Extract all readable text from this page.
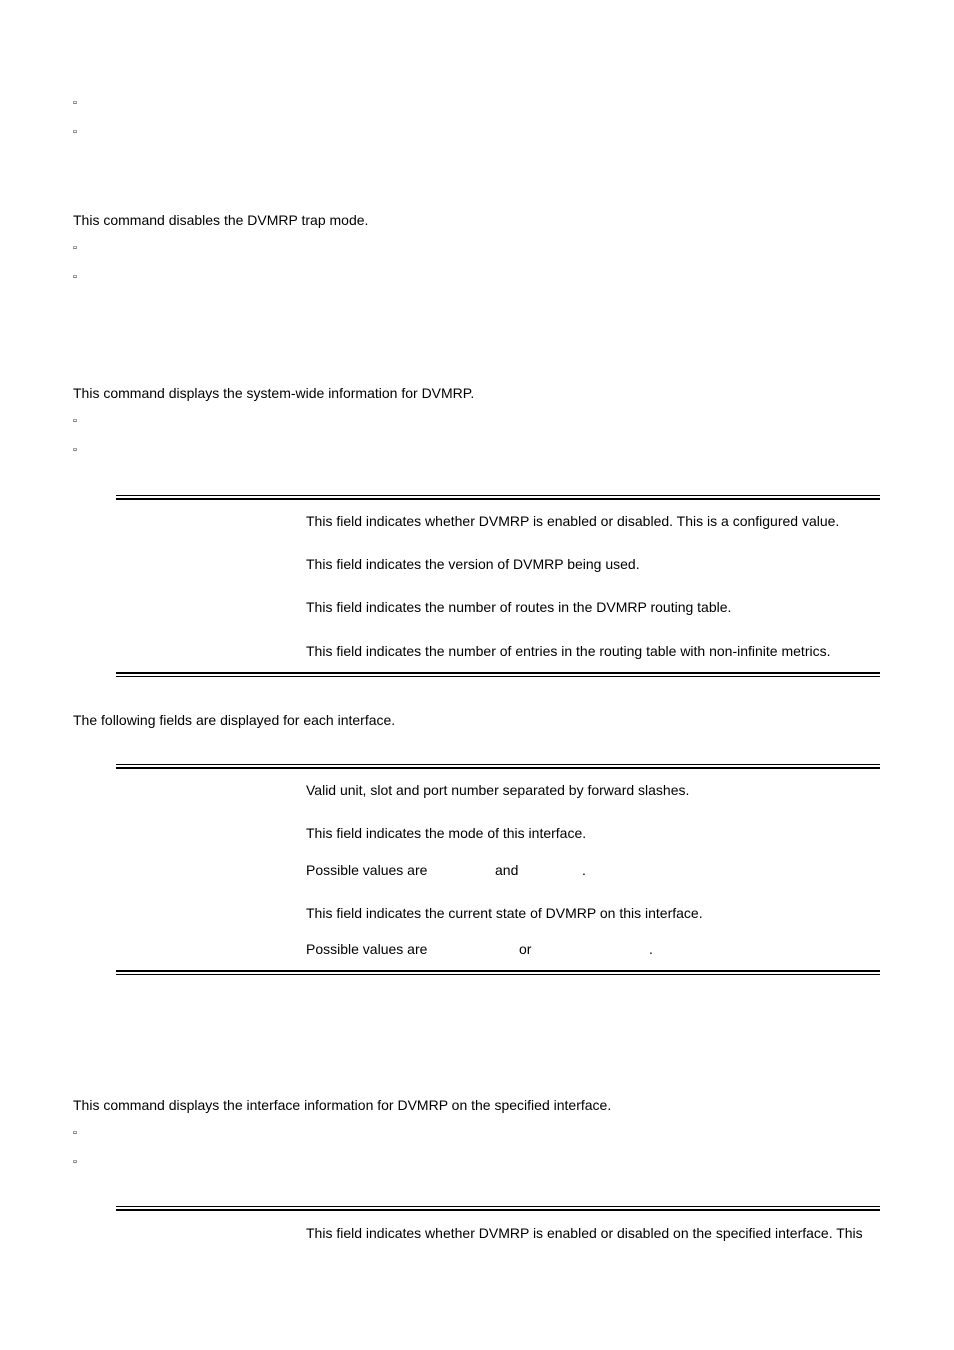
▫
▫
This command disables the DVMRP trap mode.
▫
▫
This command displays the system-wide information for DVMRP.
▫
▫
This field indicates whether DVMRP is enabled or disabled. This is a configured value.
This field indicates the version of DVMRP being used.
This field indicates the number of routes in the DVMRP routing table.
This field indicates the number of entries in the routing table with non-infinite metrics.
The following fields are displayed for each interface.
Valid unit, slot and port number separated by forward slashes.
This field indicates the mode of this interface.
Possible values are	and	.
This field indicates the current state of DVMRP on this interface.
Possible values are	or	.
This command displays the interface information for DVMRP on the specified interface.
▫
▫
This field indicates whether DVMRP is enabled or disabled on the specified interface. This
